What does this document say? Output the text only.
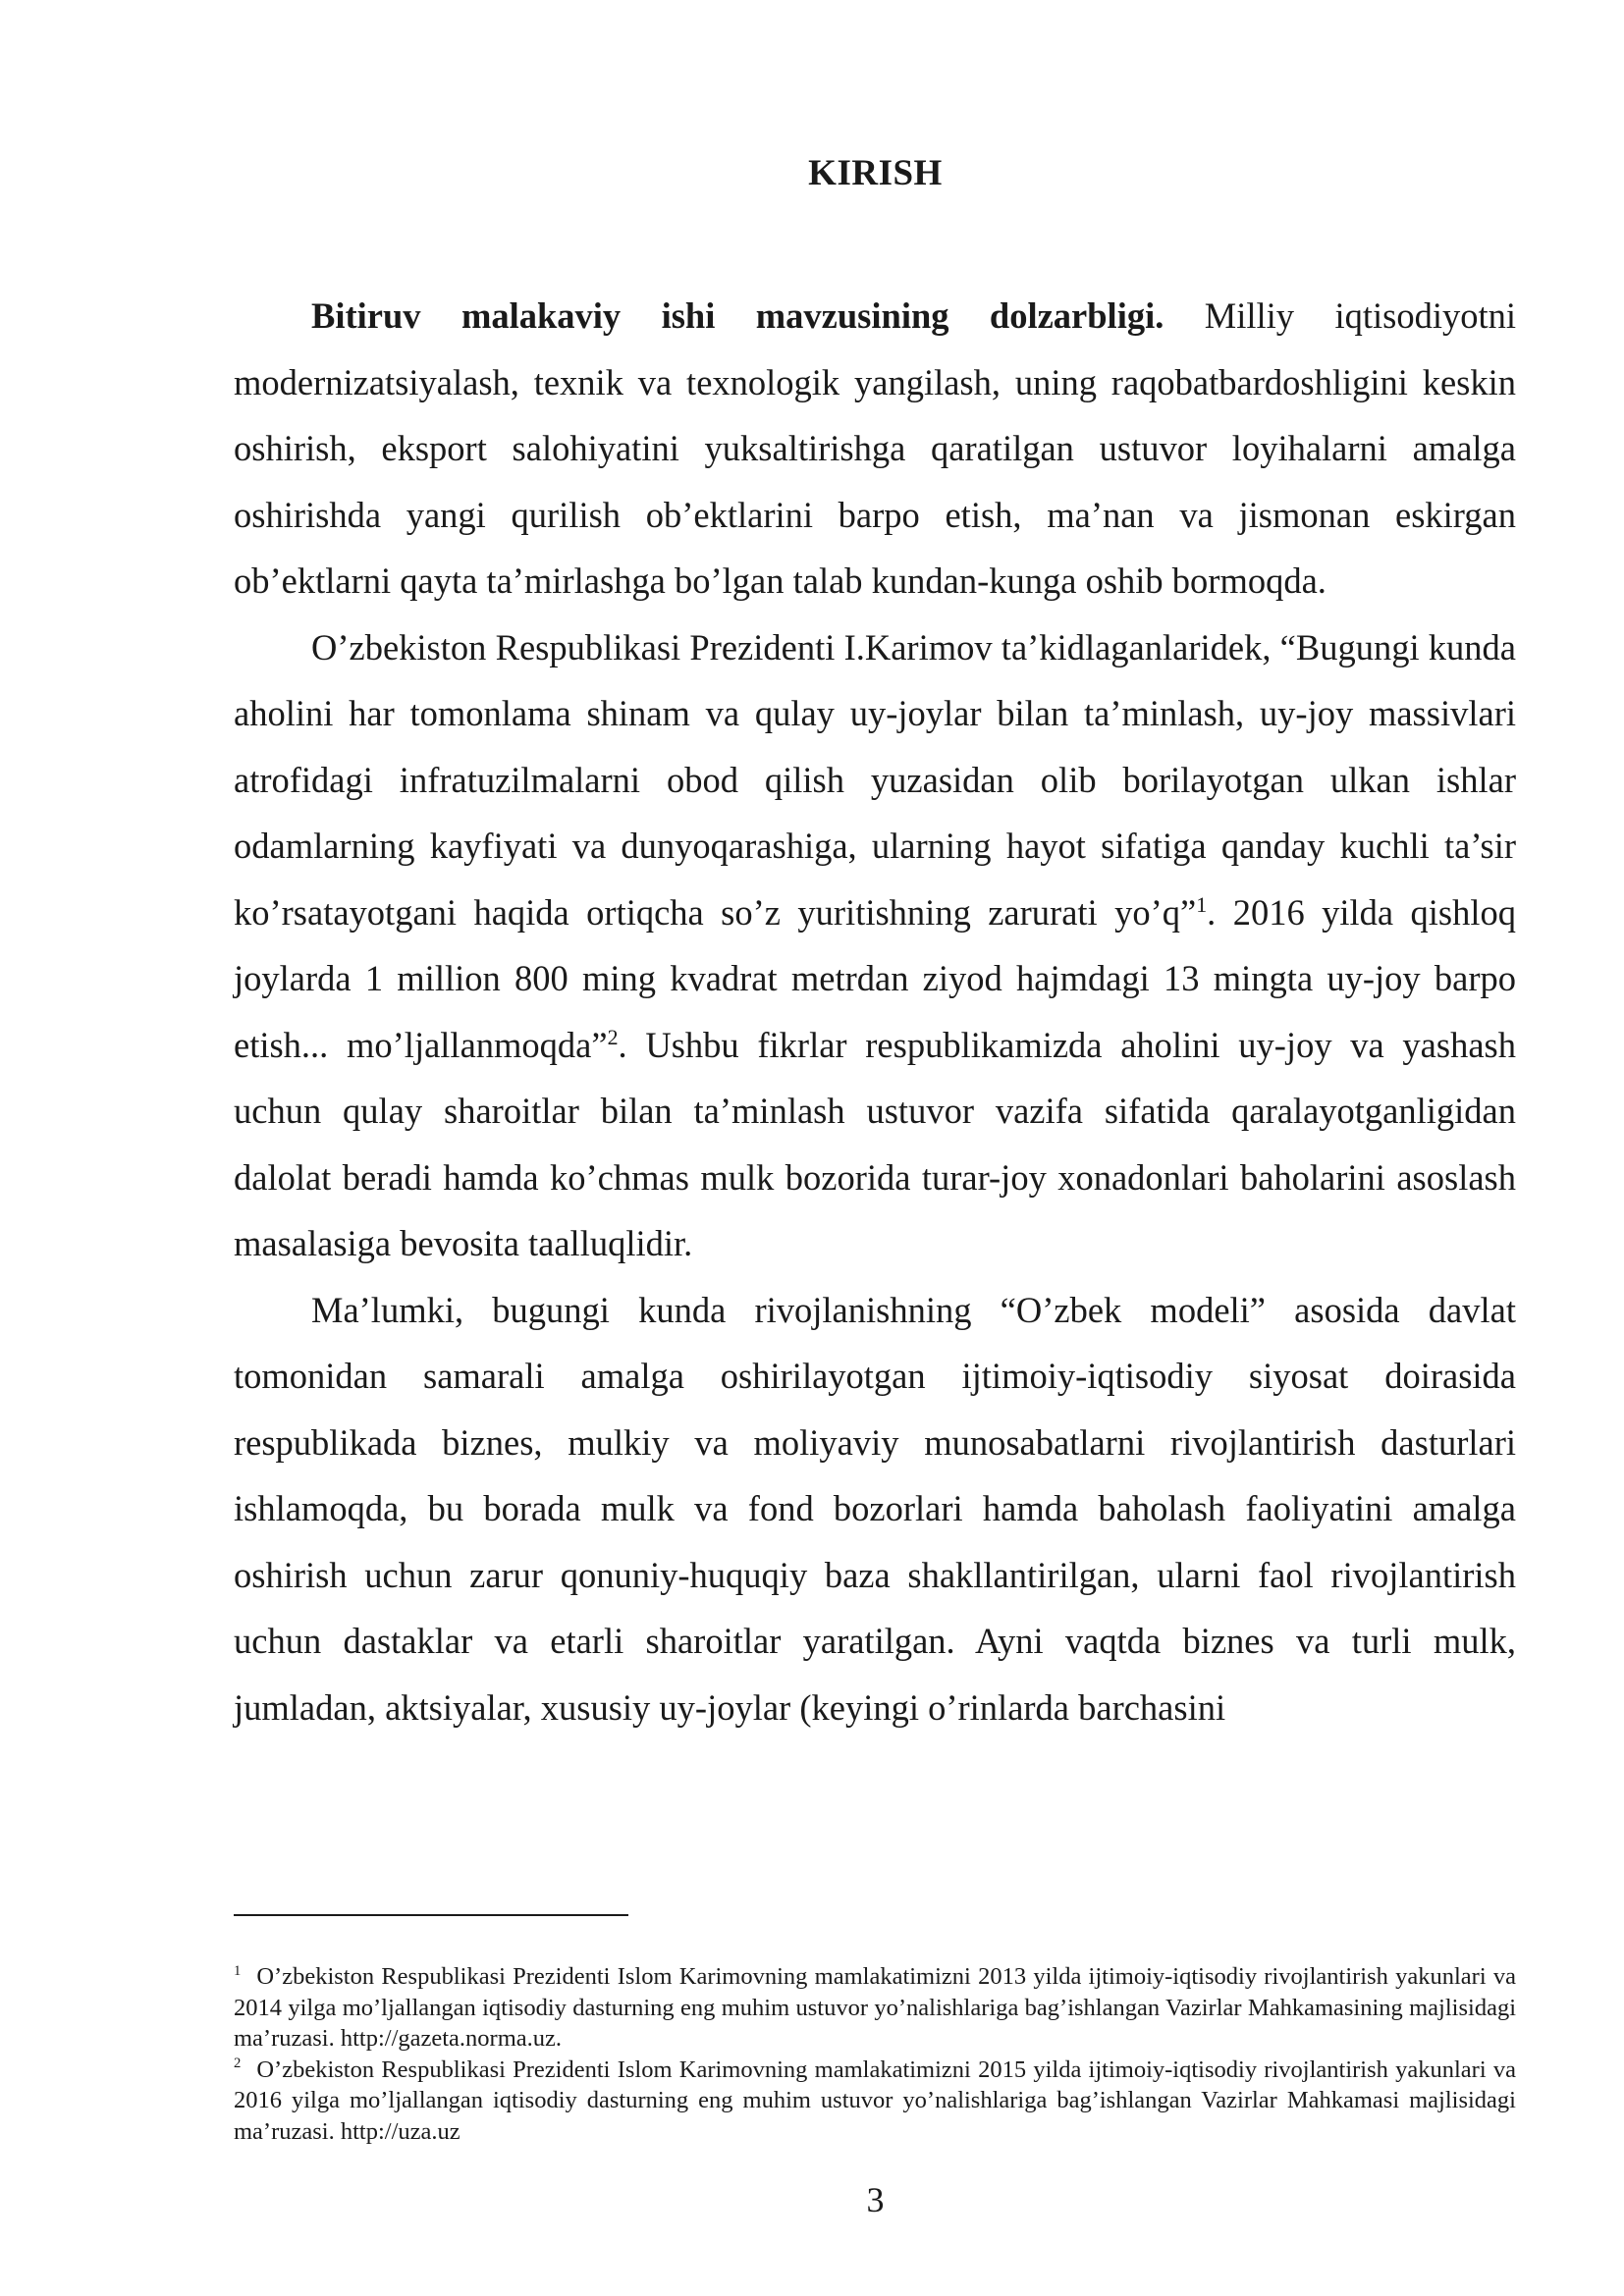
KIRISH

Bitiruv malakaviy ishi mavzusining dolzarbligi. Milliy iqtisodiyotni modernizatsiyalash, texnik va texnologik yangilash, uning raqobatbardoshligini keskin oshirish, eksport salohiyatini yuksaltirishga qaratilgan ustuvor loyihalarni amalga oshirishda yangi qurilish ob’ektlarini barpo etish, ma’nan va jismonan eskirgan ob’ektlarni qayta ta’mirlashga bo’lgan talab kundan-kunga oshib bormoqda.

O’zbekiston Respublikasi Prezidenti I.Karimov ta’kidlaganlaridek, “Bugungi kunda aholini har tomonlama shinam va qulay uy-joylar bilan ta’minlash, uy-joy massivlari atrofidagi infratuzilmalarni obod qilish yuzasidan olib borilayotgan ulkan ishlar odamlarning kayfiyati va dunyoqarashiga, ularning hayot sifatiga qanday kuchli ta’sir ko’rsatayotgani haqida ortiqcha so’z yuritishning zarurati yo’q”$^1$. 2016 yilda qishloq joylarda 1 million 800 ming kvadrat metrdan ziyod hajmdagi 13 mingta uy-joy barpo etish... mo’ljallanmoqda”$^2$. Ushbu fikrlar respublikamizda aholini uy-joy va yashash uchun qulay sharoitlar bilan ta’minlash ustuvor vazifa sifatida qaralayotganligidan dalolat beradi hamda ko’chmas mulk bozorida turar-joy xonadonlari baholarini asoslash masalasiga bevosita taalluqlidir.

Ma’lumki, bugungi kunda rivojlanishning “O’zbek modeli” asosida davlat tomonidan samarali amalga oshirilayotgan ijtimoiy-iqtisodiy siyosat doirasida respublikada biznes, mulkiy va moliyaviy munosabatlarni rivojlantirish dasturlari ishlamoqda, bu borada mulk va fond bozorlari hamda baholash faoliyatini amalga oshirish uchun zarur qonuniy-huquqiy baza shakllantirilgan, ularni faol rivojlantirish uchun dastaklar va etarli sharoitlar yaratilgan. Ayni vaqtda biznes va turli mulk, jumladan, aktsiyalar, xususiy uy-joylar (keyingi o’rinlarda barchasini

$^1$ O’zbekiston Respublikasi Prezidenti Islom Karimovning mamlakatimizni 2013 yilda ijtimoiy-iqtisodiy rivojlantirish yakunlari va 2014 yilga mo’ljallangan iqtisodiy dasturning eng muhim ustuvor yo’nalishlariga bag’ishlangan Vazirlar Mahkamasining majlisidagi ma’ruzasi. http://gazeta.norma.uz.

$^2$ O’zbekiston Respublikasi Prezidenti Islom Karimovning mamlakatimizni 2015 yilda ijtimoiy-iqtisodiy rivojlantirish yakunlari va 2016 yilga mo’ljallangan iqtisodiy dasturning eng muhim ustuvor yo’nalishlariga bag’ishlangan Vazirlar Mahkamasi majlisidagi ma’ruzasi. http://uza.uz

3
